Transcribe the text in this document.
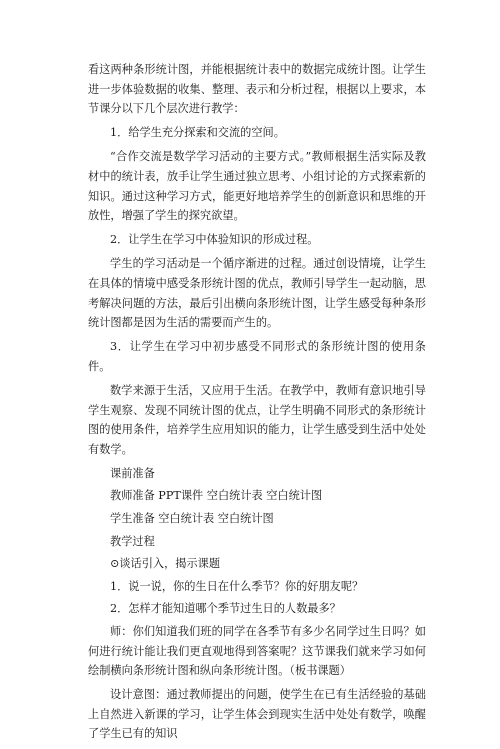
看这两种条形统计图，并能根据统计表中的数据完成统计图。让学生进一步体验数据的收集、整理、表示和分析过程，根据以上要求，本节课分以下几个层次进行教学：

1．给学生充分探索和交流的空间。

“合作交流是数学学习活动的主要方式。”教师根据生活实际及教材中的统计表，放手让学生通过独立思考、小组讨论的方式探索新的知识。通过这种学习方式，能更好地培养学生的创新意识和思维的开放性，增强了学生的探究欲望。

2．让学生在学习中体验知识的形成过程。

学生的学习活动是一个循序渐进的过程。通过创设情境，让学生在具体的情境中感受条形统计图的优点，教师引导学生一起动脑，思考解决问题的方法，最后引出横向条形统计图，让学生感受每种条形统计图都是因为生活的需要而产生的。

3．让学生在学习中初步感受不同形式的条形统计图的使用条件。

数学来源于生活，又应用于生活。在教学中，教师有意识地引导学生观察、发现不同统计图的优点，让学生明确不同形式的条形统计图的使用条件，培养学生应用知识的能力，让学生感受到生活中处处有数学。

课前准备

教师准备 PPT课件 空白统计表 空白统计图

学生准备 空白统计表 空白统计图

教学过程

⊙谈话引入，揭示课题

1．说一说，你的生日在什么季节？你的好朋友呢？

2．怎样才能知道哪个季节过生日的人数最多？

师：你们知道我们班的同学在各季节有多少名同学过生日吗？如何进行统计能让我们更直观地得到答案呢？这节课我们就来学习如何绘制横向条形统计图和纵向条形统计图。（板书课题）

设计意图：通过教师提出的问题，使学生在已有生活经验的基础上自然进入新课的学习，让学生体会到现实生活中处处有数学，唤醒了学生已有的知识
